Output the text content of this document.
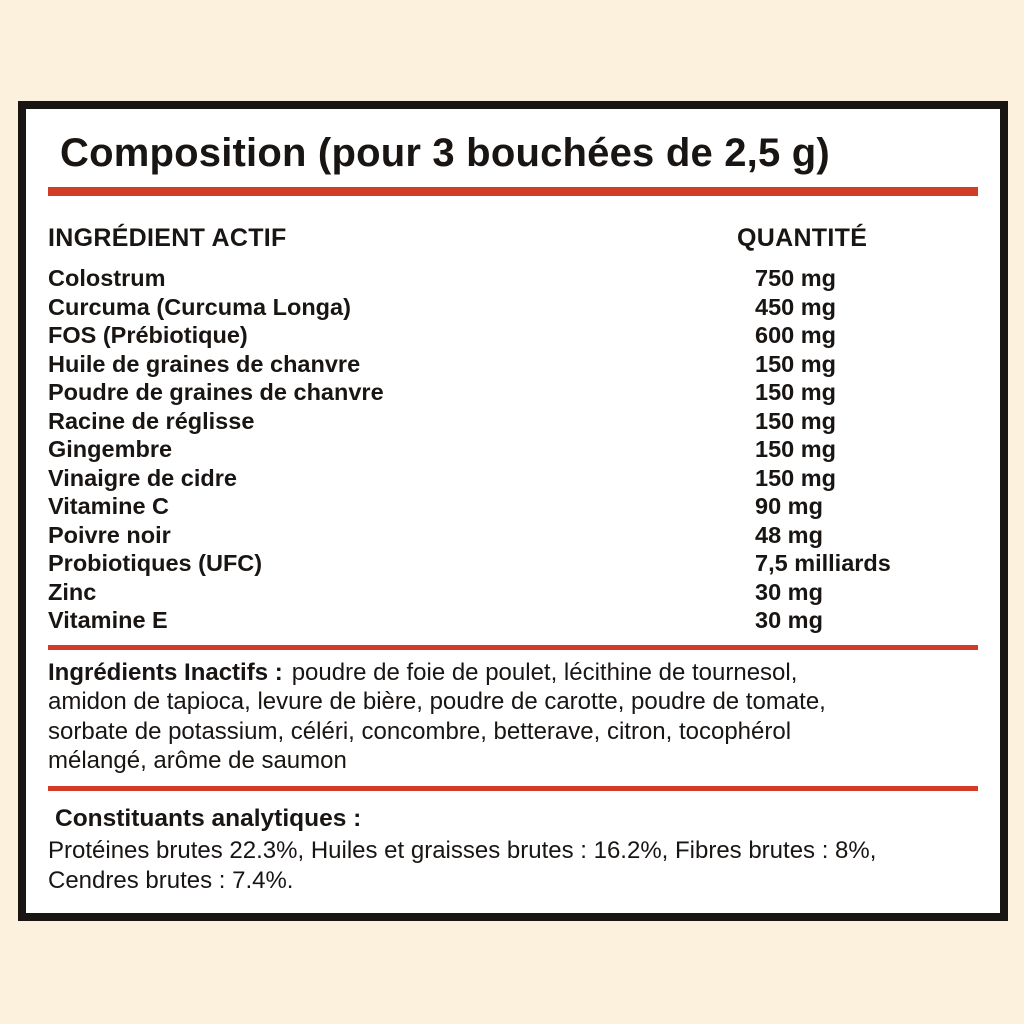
Composition (pour 3 bouchées de 2,5 g)
INGRÉDIENT ACTIF	QUANTITÉ
Colostrum	750 mg
Curcuma (Curcuma Longa)	450 mg
FOS (Prébiotique)	600 mg
Huile de graines de chanvre	150 mg
Poudre de graines de chanvre	150 mg
Racine de réglisse	150 mg
Gingembre	150 mg
Vinaigre de cidre	150 mg
Vitamine C	90 mg
Poivre noir	48 mg
Probiotiques (UFC)	7,5 milliards
Zinc	30 mg
Vitamine E	30 mg
Ingrédients Inactifs : poudre de foie de poulet, lécithine de tournesol,
amidon de tapioca, levure de bière, poudre de carotte, poudre de tomate,
sorbate de potassium, céléri, concombre, betterave, citron, tocophérol
mélangé, arôme de saumon
Constituants analytiques :
Protéines brutes 22.3%, Huiles et graisses brutes : 16.2%, Fibres brutes : 8%,
Cendres brutes : 7.4%.
